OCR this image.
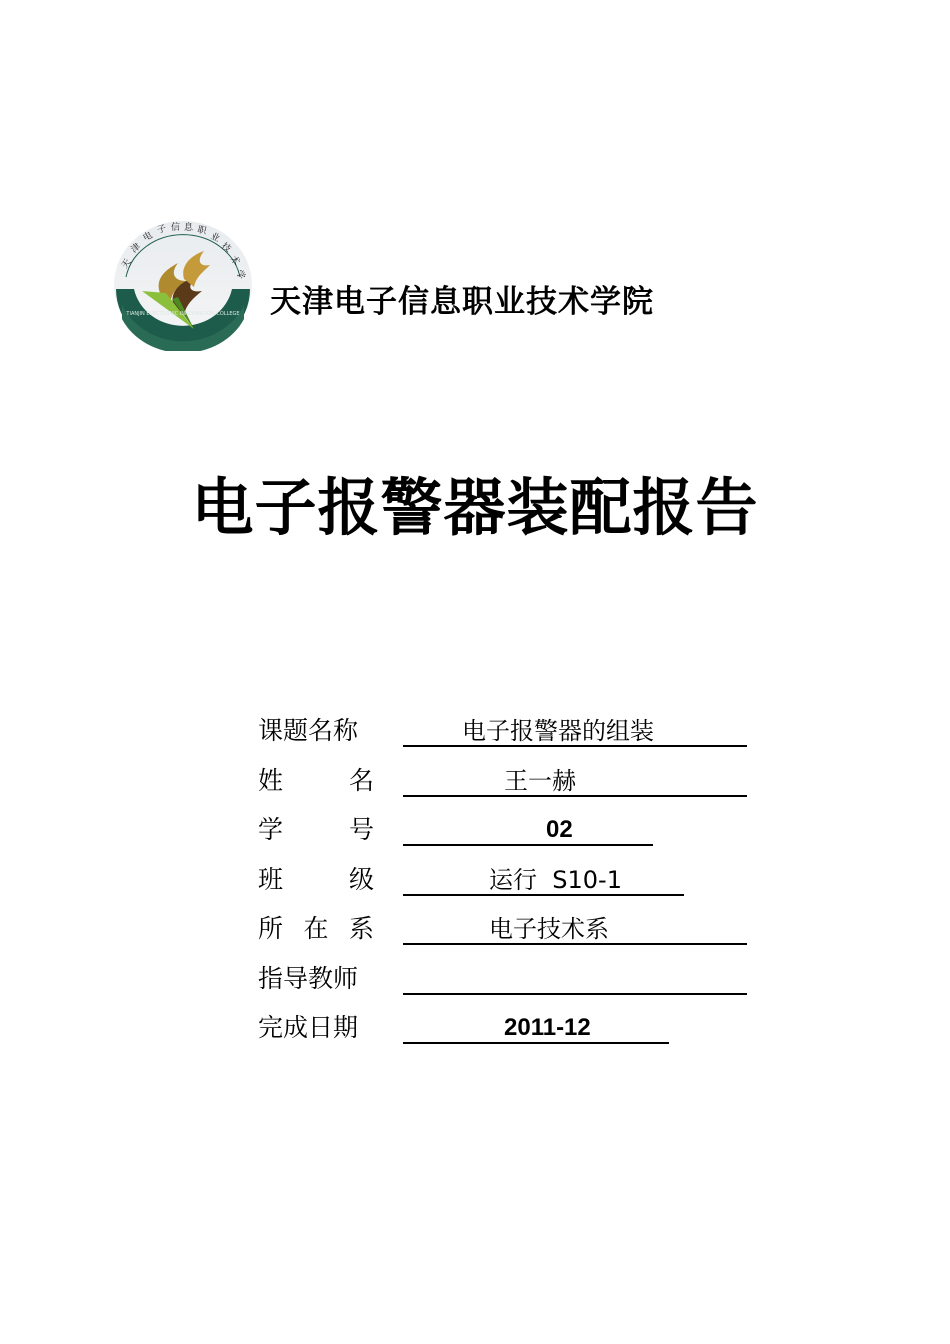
天
津
电
子 信 息 职
业
技
术
学
TIANJIN ELECTRONIC INFORMATION COLLEGE 天津电子信息职业技术学院
电子报警器装配报告
课题名称	电子报警器的组装
姓	名	王一赫
学	号	02
班	级	运行  S10-1
所 在 系	电子技术系
指导教师
完成日期	2011-12
